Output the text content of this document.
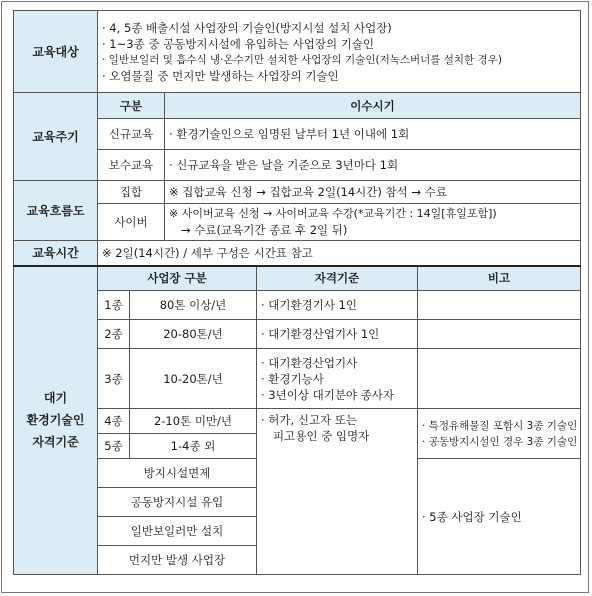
교육대상	· 4, 5종 배출시설 사업장의 기술인(방지시설 설치 사업장)
· 1~3종 중 공동방지시설에 유입하는 사업장의 기술인
· 일반보일러 및 흡수식 냉·온수기만 설치한 사업장의 기술인(저녹스버너를 설치한 경우)
· 오염물질 중 먼지만 발생하는 사업장의 기술인				

교육주기	구분		이수시기		
	신규교육		· 환경기술인으로 임명된 날부터 1년 이내에 1회		
	보수교육		· 신규교육을 받은 날을 기준으로 3년마다 1회		
교육흐름도	집합		※ 집합교육 신청 → 집합교육 2일(14시간) 참석 → 수료		
	사이버		※ 사이버교육 신청 → 사이버교육 수강(*교육기간 : 14일[휴일포함])
→ 수료(교육기간 종료 후 2일 뒤)		

교육시간	※ 2일(14시간) / 세부 구성은 시간표 참고				

대기
환경기술인
자격기준	사업장 구분			자격기준	비고
	1종	80톤 이상/년		· 대기환경기사 1인	
	2종	20-80톤/년		· 대기환경산업기사 1인	
	3종	10-20톤/년		· 대기환경산업기사
· 환경기능사
· 3년이상 대기분야 종사자	

	4종	2-10톤 미만/년		· 허가, 신고자 또는
피고용인 중 임명자	· 특정유해물질 포함시 3종 기술인
· 공동방지시설인 경우 3종 기술인

	5종	1-4종 외			
	방지시설면제				· 5종 사업장 기술인
	공동방지시설 유입				
	일반보일러만 설치				
	먼지만 발생 사업장				
